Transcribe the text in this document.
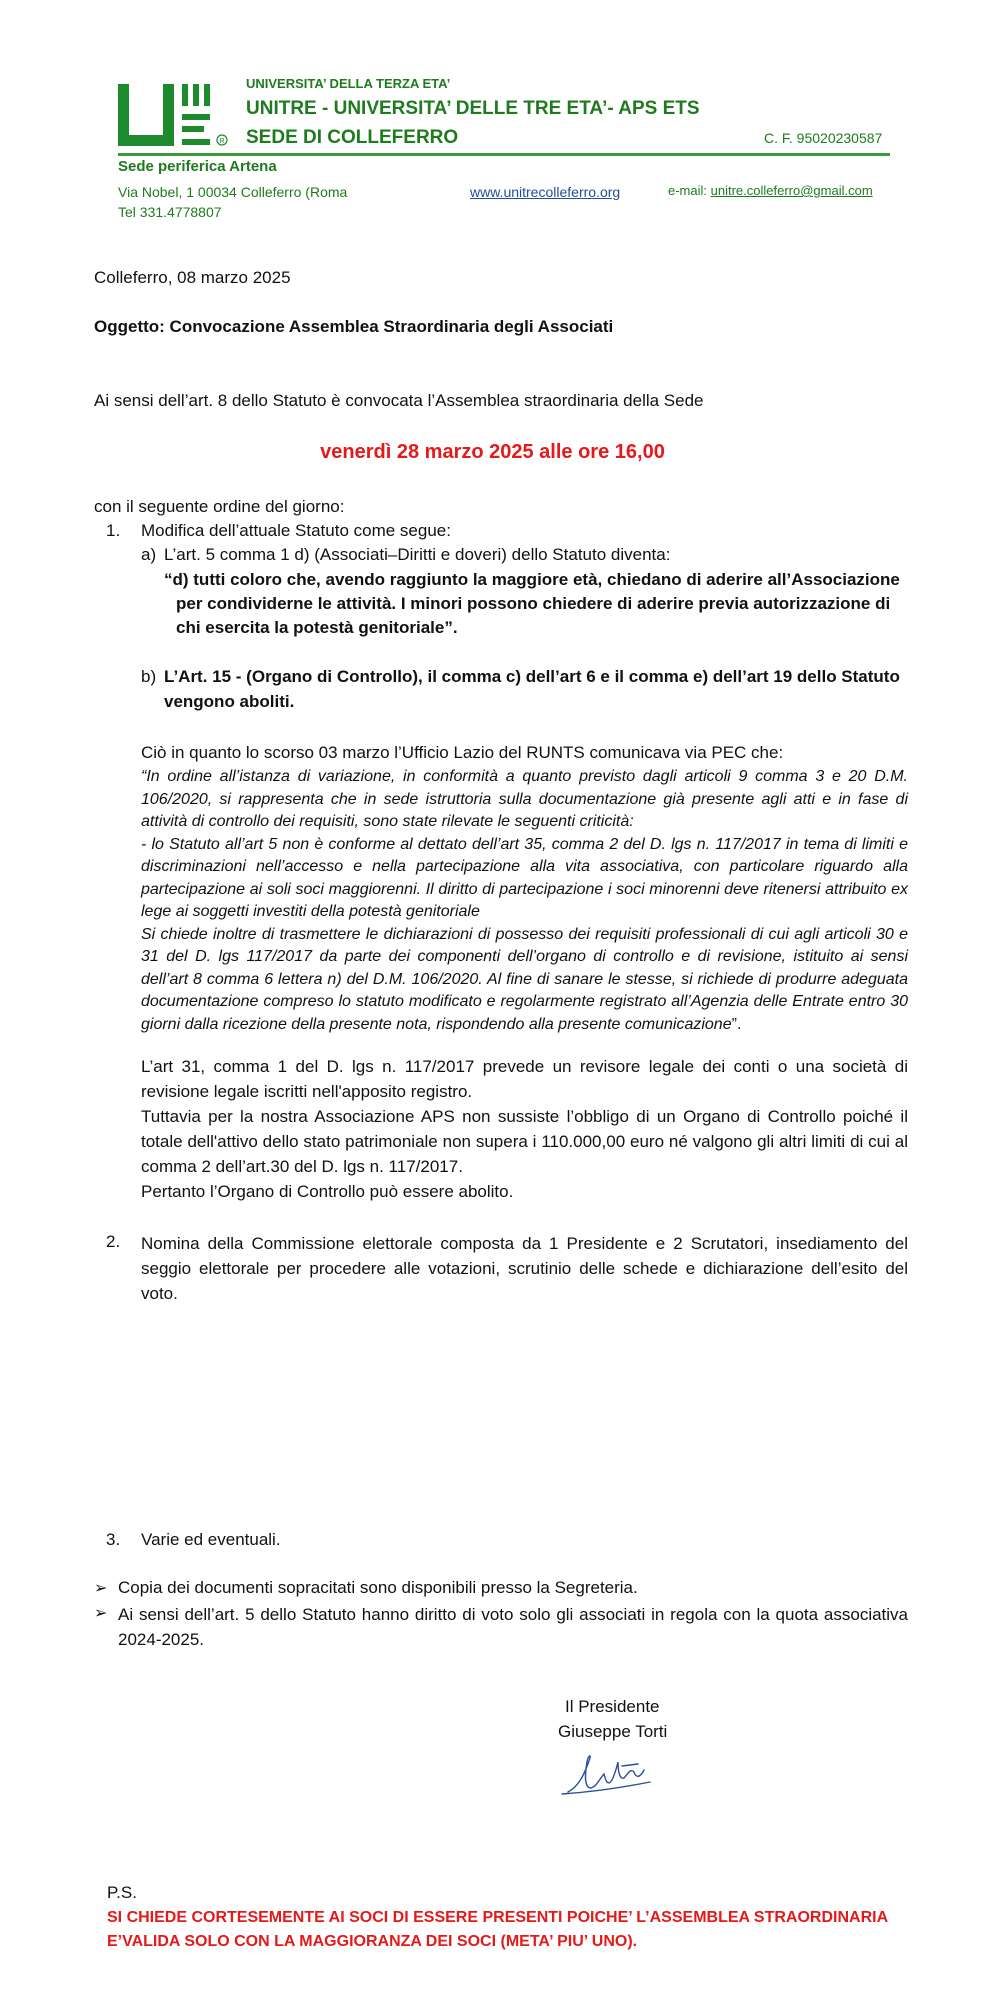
R
UNIVERSITA’ DELLA TERZA ETA’
UNITRE - UNIVERSITA’ DELLE TRE ETA’- APS ETS
SEDE DI COLLEFERRO	C. F. 95020230587
Sede periferica Artena
Via Nobel, 1 00034 Colleferro (Roma
Tel 331.4778807
www.unitrecolleferro.org	e-mail: unitre.colleferro@gmail.com
Colleferro, 08 marzo 2025
Oggetto: Convocazione Assemblea Straordinaria degli Associati
Ai sensi dell’art. 8 dello Statuto è convocata l’Assemblea straordinaria della Sede
venerdì 28 marzo 2025 alle ore 16,00
con il seguente ordine del giorno:
1. Modifica dell’attuale Statuto come segue:
a) L’art. 5 comma 1 d) (Associati–Diritti e doveri) dello Statuto diventa:
“d) tutti coloro che, avendo raggiunto la maggiore età, chiedano di aderire all’Associazione
per condividerne le attività. I minori possono chiedere di aderire previa autorizzazione di
chi esercita la potestà genitoriale”.
b) L’Art. 15 - (Organo di Controllo), il comma c) dell’art 6 e il comma e) dell’art 19 dello Statuto
vengono aboliti.
Ciò in quanto lo scorso 03 marzo l’Ufficio Lazio del RUNTS comunicava via PEC che:
“In ordine all’istanza di variazione, in conformità a quanto previsto dagli articoli 9 comma 3 e 20 D.M. 106/2020, si rappresenta che in sede istruttoria sulla documentazione già presente agli atti e in fase di attività di controllo dei requisiti, sono state rilevate le seguenti criticità:
- lo Statuto all’art 5 non è conforme al dettato dell’art 35, comma 2 del D. lgs n. 117/2017 in tema di limiti e discriminazioni nell’accesso e nella partecipazione alla vita associativa, con particolare riguardo alla partecipazione ai soli soci maggiorenni. Il diritto di partecipazione i soci minorenni deve ritenersi attribuito ex lege ai soggetti investiti della potestà genitoriale
Si chiede inoltre di trasmettere le dichiarazioni di possesso dei requisiti professionali di cui agli articoli 30 e 31 del D. lgs 117/2017 da parte dei componenti dell’organo di controllo e di revisione, istituito ai sensi dell’art 8 comma 6 lettera n) del D.M. 106/2020. Al fine di sanare le stesse, si richiede di produrre adeguata documentazione compreso lo statuto modificato e regolarmente registrato all’Agenzia delle Entrate entro 30 giorni dalla ricezione della presente nota, rispondendo alla presente comunicazione”.
L’art 31, comma 1 del D. lgs n. 117/2017 prevede un revisore legale dei conti o una società di revisione legale iscritti nell'apposito registro.
Tuttavia per la nostra Associazione APS non sussiste l’obbligo di un Organo di Controllo poiché il totale dell'attivo dello stato patrimoniale non supera i 110.000,00 euro né valgono gli altri limiti di cui al comma 2 dell’art.30 del D. lgs n. 117/2017.
Pertanto l’Organo di Controllo può essere abolito.
2. Nomina della Commissione elettorale composta da 1 Presidente e 2 Scrutatori, insediamento del seggio elettorale per procedere alle votazioni, scrutinio delle schede e dichiarazione dell’esito del voto.
3. Varie ed eventuali.
➢ Copia dei documenti sopracitati sono disponibili presso la Segreteria.
➢ Ai sensi dell’art. 5 dello Statuto hanno diritto di voto solo gli associati in regola con la quota associativa 2024-2025.
Il Presidente
Giuseppe Torti
P.S.
SI CHIEDE CORTESEMENTE AI SOCI DI ESSERE PRESENTI POICHE’ L’ASSEMBLEA STRAORDINARIA E’VALIDA SOLO CON LA MAGGIORANZA DEI SOCI (META’ PIU’ UNO).
